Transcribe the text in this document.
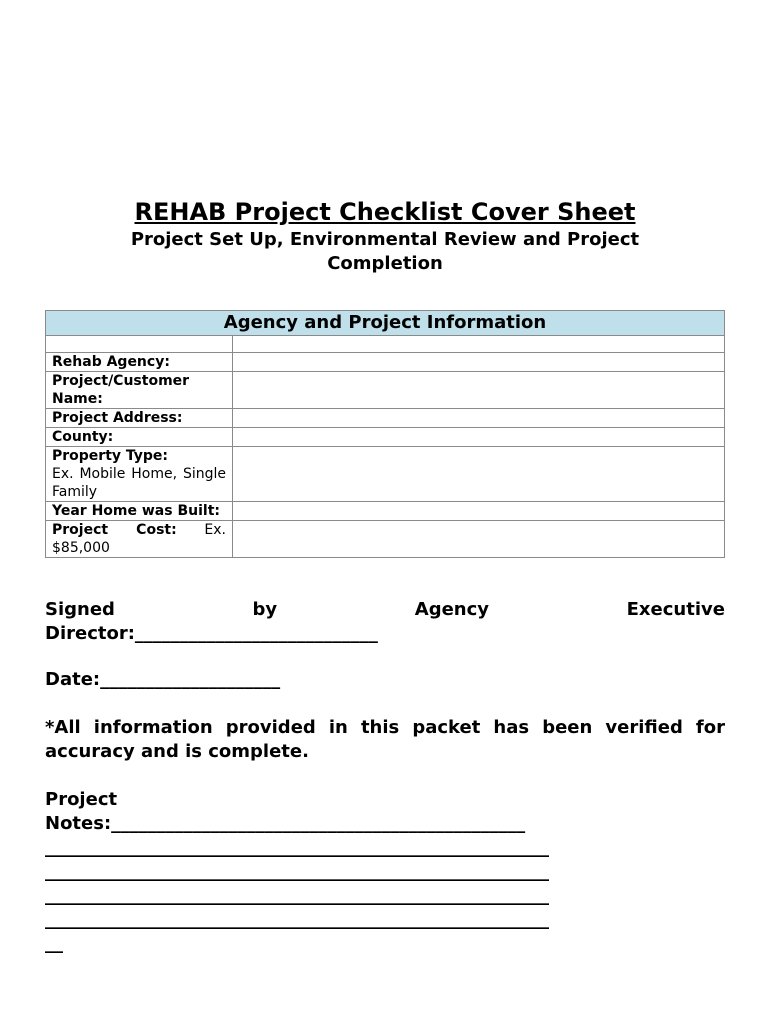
REHAB Project Checklist Cover Sheet

Project Set Up, Environmental Review and Project Completion

Agency and Project Information	

Rehab Agency:	
Project/Customer Name:	
Project Address:	
County:	
Property Type:
Ex. Mobile Home, Single Family	
Year Home was Built:	
Project Cost: Ex. $85,000	
Signed	by	Agency	Executive
Director:___________________________
Date:____________________
*All information provided in this packet has been verified for accuracy and is complete.
Project
Notes:______________________________________________
________________________________________________________
________________________________________________________
________________________________________________________
________________________________________________________
__
